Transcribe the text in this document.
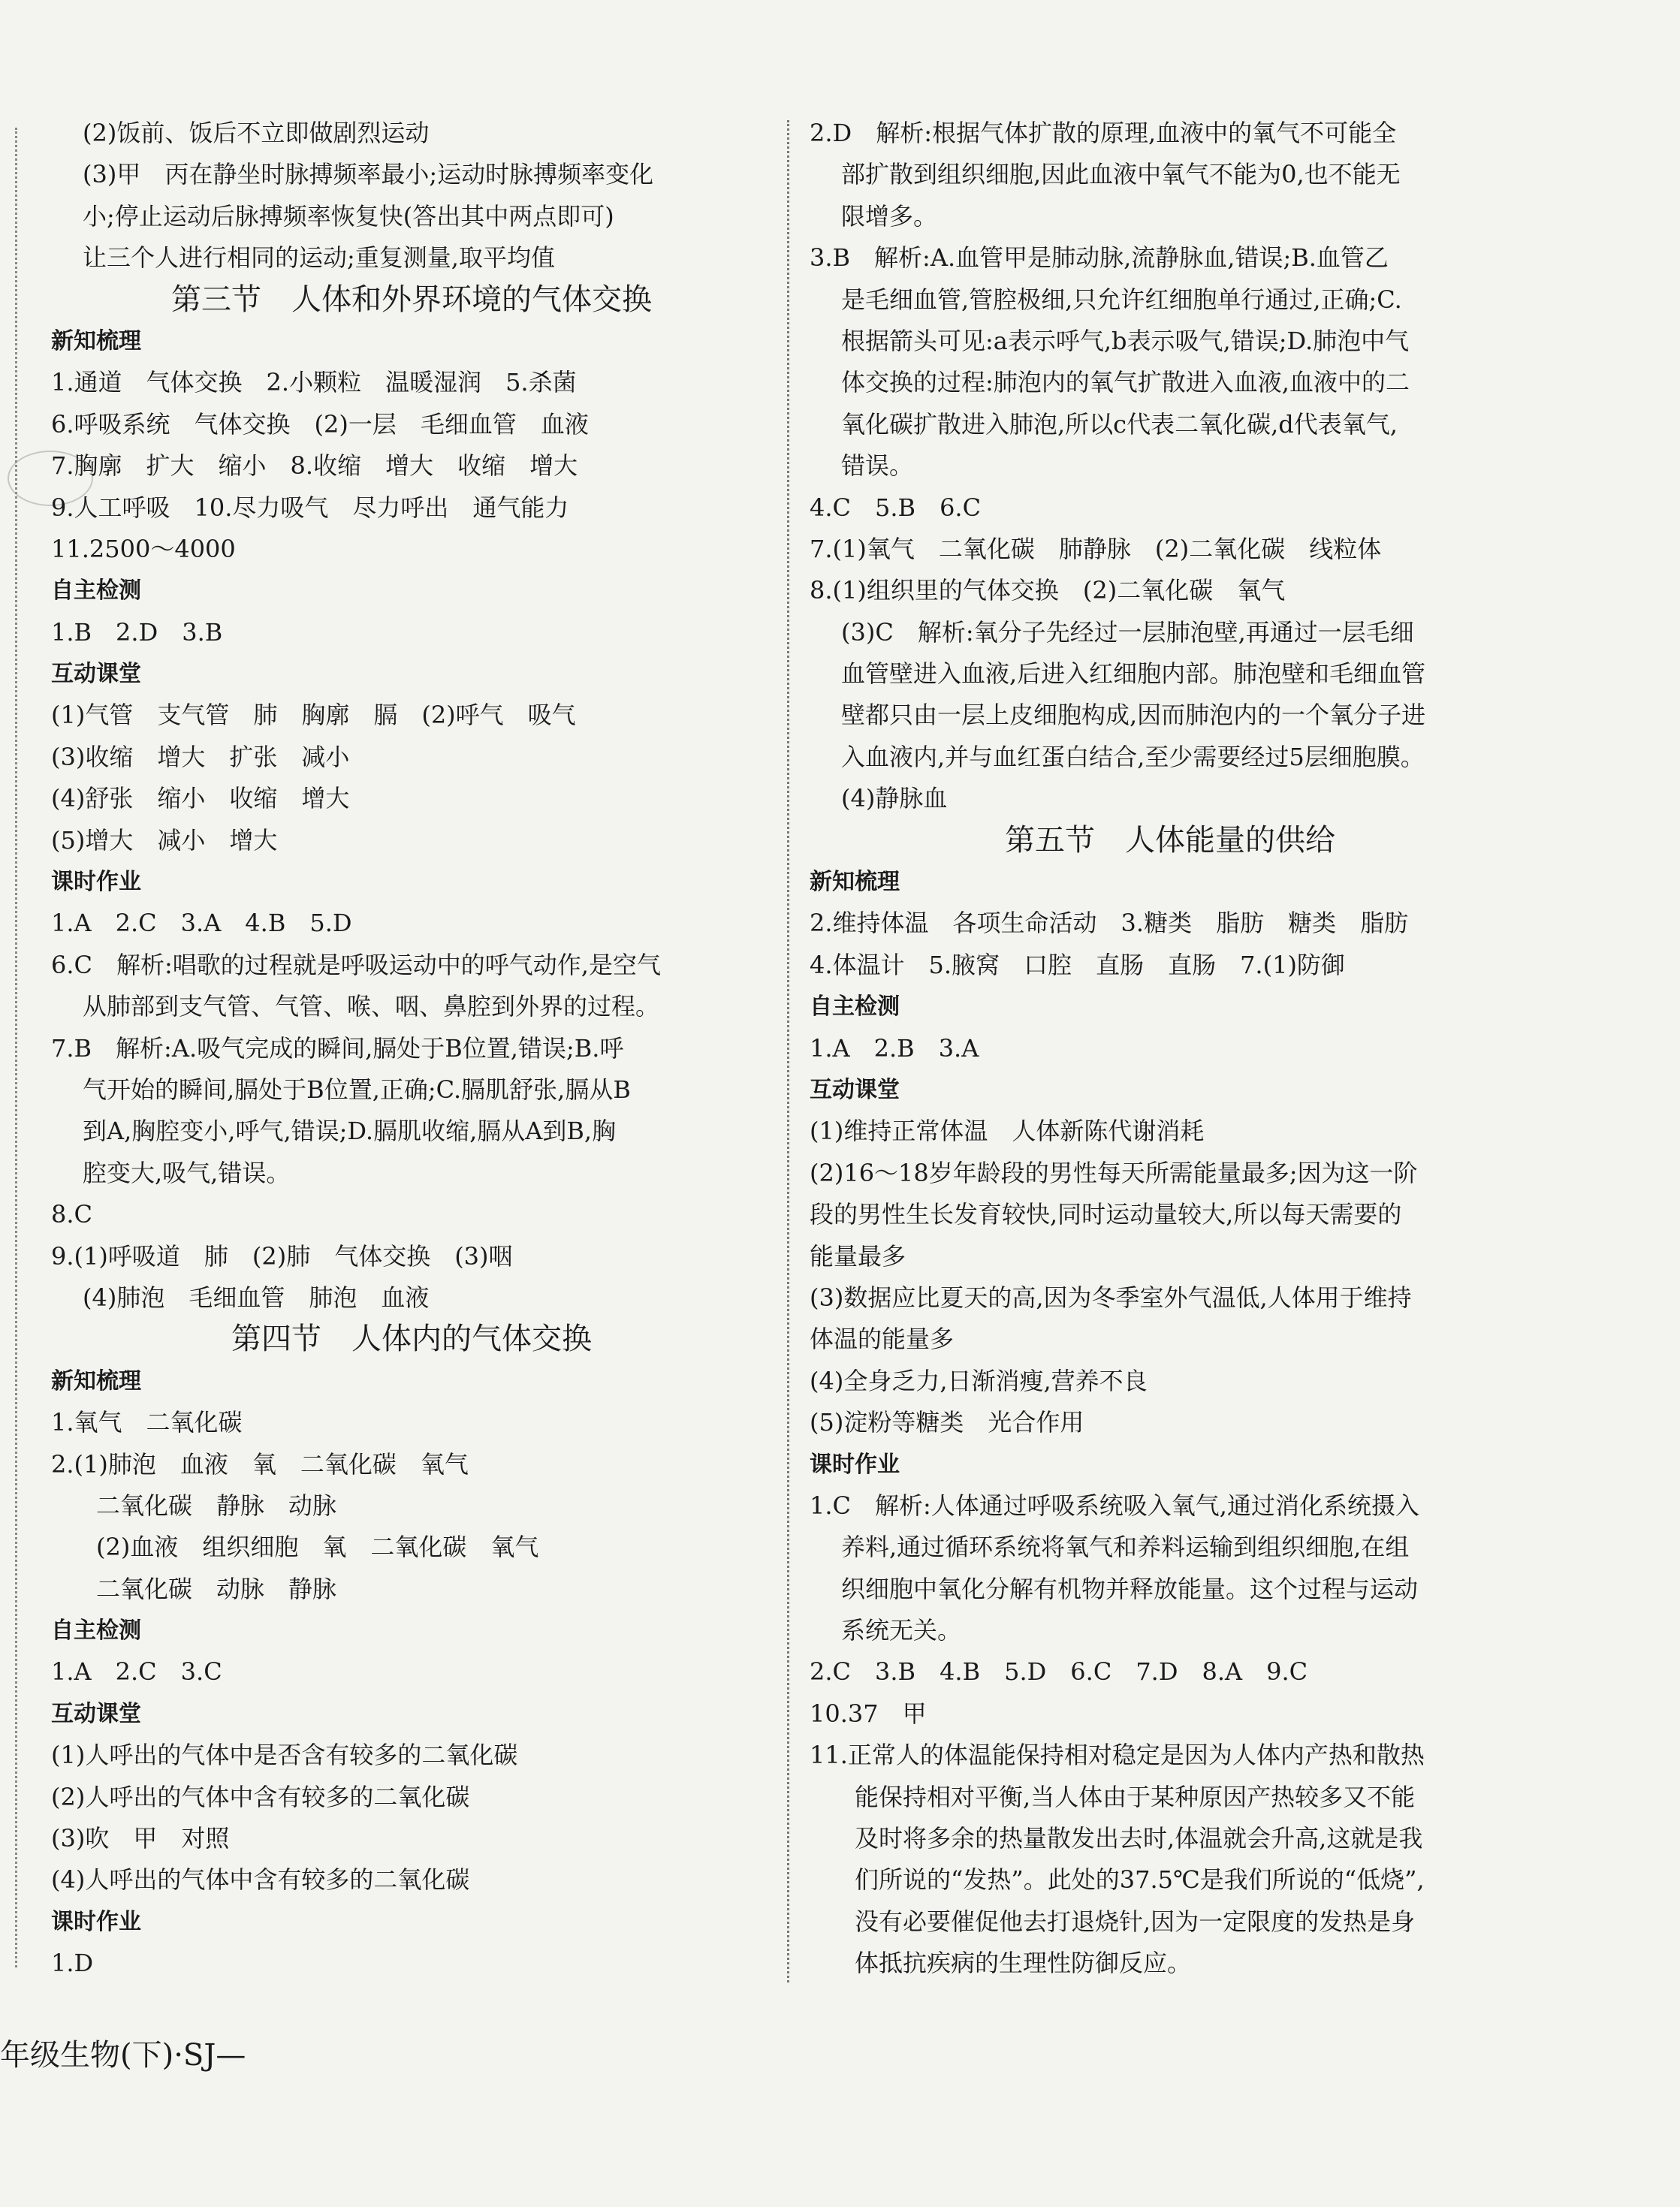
(2)饭前、饭后不立即做剧烈运动
(3)甲　丙在静坐时脉搏频率最小;运动时脉搏频率变化
小;停止运动后脉搏频率恢复快(答出其中两点即可)
让三个人进行相同的运动;重复测量,取平均值
第三节　人体和外界环境的气体交换
新知梳理
1.通道　气体交换　2.小颗粒　温暖湿润　5.杀菌
6.呼吸系统　气体交换　(2)一层　毛细血管　血液
7.胸廓　扩大　缩小　8.收缩　增大　收缩　增大
9.人工呼吸　10.尽力吸气　尽力呼出　通气能力
11.2500～4000
自主检测
1.B　2.D　3.B
互动课堂
(1)气管　支气管　肺　胸廓　膈　(2)呼气　吸气
(3)收缩　增大　扩张　减小
(4)舒张　缩小　收缩　增大
(5)增大　减小　增大
课时作业
1.A　2.C　3.A　4.B　5.D
6.C　解析:唱歌的过程就是呼吸运动中的呼气动作,是空气
从肺部到支气管、气管、喉、咽、鼻腔到外界的过程。
7.B　解析:A.吸气完成的瞬间,膈处于B位置,错误;B.呼
气开始的瞬间,膈处于B位置,正确;C.膈肌舒张,膈从B
到A,胸腔变小,呼气,错误;D.膈肌收缩,膈从A到B,胸
腔变大,吸气,错误。
8.C
9.(1)呼吸道　肺　(2)肺　气体交换　(3)咽
(4)肺泡　毛细血管　肺泡　血液
第四节　人体内的气体交换
新知梳理
1.氧气　二氧化碳
2.(1)肺泡　血液　氧　二氧化碳　氧气
二氧化碳　静脉　动脉
(2)血液　组织细胞　氧　二氧化碳　氧气
二氧化碳　动脉　静脉
自主检测
1.A　2.C　3.C
互动课堂
(1)人呼出的气体中是否含有较多的二氧化碳
(2)人呼出的气体中含有较多的二氧化碳
(3)吹　甲　对照
(4)人呼出的气体中含有较多的二氧化碳
课时作业
1.D
2.D　解析:根据气体扩散的原理,血液中的氧气不可能全
部扩散到组织细胞,因此血液中氧气不能为0,也不能无
限增多。
3.B　解析:A.血管甲是肺动脉,流静脉血,错误;B.血管乙
是毛细血管,管腔极细,只允许红细胞单行通过,正确;C.
根据箭头可见:a表示呼气,b表示吸气,错误;D.肺泡中气
体交换的过程:肺泡内的氧气扩散进入血液,血液中的二
氧化碳扩散进入肺泡,所以c代表二氧化碳,d代表氧气,
错误。
4.C　5.B　6.C
7.(1)氧气　二氧化碳　肺静脉　(2)二氧化碳　线粒体
8.(1)组织里的气体交换　(2)二氧化碳　氧气
(3)C　解析:氧分子先经过一层肺泡壁,再通过一层毛细
血管壁进入血液,后进入红细胞内部。肺泡壁和毛细血管
壁都只由一层上皮细胞构成,因而肺泡内的一个氧分子进
入血液内,并与血红蛋白结合,至少需要经过5层细胞膜。
(4)静脉血
第五节　人体能量的供给
新知梳理
2.维持体温　各项生命活动　3.糖类　脂肪　糖类　脂肪
4.体温计　5.腋窝　口腔　直肠　直肠　7.(1)防御
自主检测
1.A　2.B　3.A
互动课堂
(1)维持正常体温　人体新陈代谢消耗
(2)16～18岁年龄段的男性每天所需能量最多;因为这一阶
段的男性生长发育较快,同时运动量较大,所以每天需要的
能量最多
(3)数据应比夏天的高,因为冬季室外气温低,人体用于维持
体温的能量多
(4)全身乏力,日渐消瘦,营养不良
(5)淀粉等糖类　光合作用
课时作业
1.C　解析:人体通过呼吸系统吸入氧气,通过消化系统摄入
养料,通过循环系统将氧气和养料运输到组织细胞,在组
织细胞中氧化分解有机物并释放能量。这个过程与运动
系统无关。
2.C　3.B　4.B　5.D　6.C　7.D　8.A　9.C
10.37　甲
11.正常人的体温能保持相对稳定是因为人体内产热和散热
能保持相对平衡,当人体由于某种原因产热较多又不能
及时将多余的热量散发出去时,体温就会升高,这就是我
们所说的“发热”。此处的37.5℃是我们所说的“低烧”,
没有必要催促他去打退烧针,因为一定限度的发热是身
体抵抗疾病的生理性防御反应。
年级生物(下)·SJ—
